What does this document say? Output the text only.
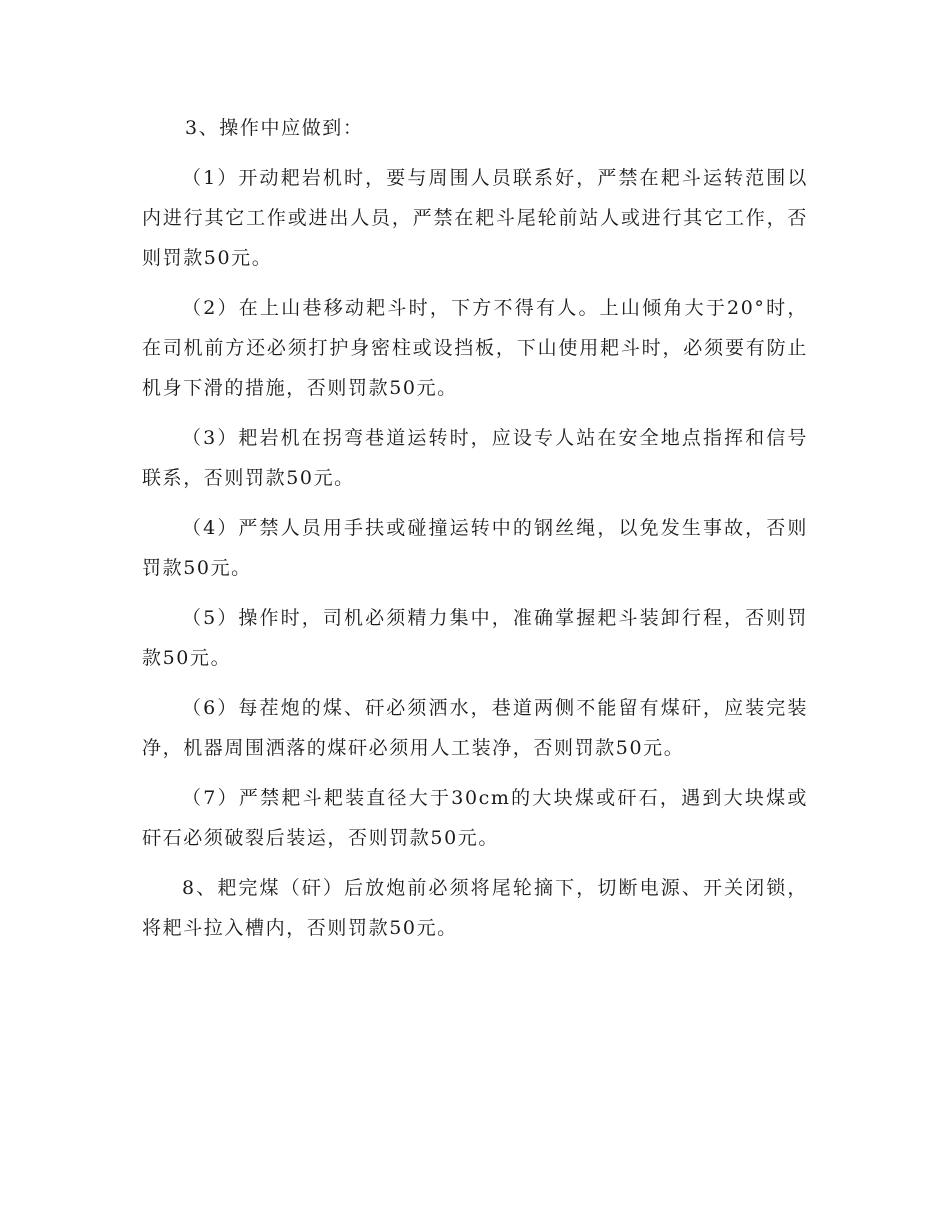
3、操作中应做到：

（1）开动耙岩机时，要与周围人员联系好，严禁在耙斗运转范围以内进行其它工作或进出人员，严禁在耙斗尾轮前站人或进行其它工作，否则罚款50元。

（2）在上山巷移动耙斗时，下方不得有人。上山倾角大于20°时，在司机前方还必须打护身密柱或设挡板，下山使用耙斗时，必须要有防止机身下滑的措施，否则罚款50元。

（3）耙岩机在拐弯巷道运转时，应设专人站在安全地点指挥和信号联系，否则罚款50元。

（4）严禁人员用手扶或碰撞运转中的钢丝绳，以免发生事故，否则罚款50元。

（5）操作时，司机必须精力集中，准确掌握耙斗装卸行程，否则罚款50元。

（6）每茬炮的煤、矸必须洒水，巷道两侧不能留有煤矸，应装完装净，机器周围洒落的煤矸必须用人工装净，否则罚款50元。

（7）严禁耙斗耙装直径大于30cm的大块煤或矸石，遇到大块煤或矸石必须破裂后装运，否则罚款50元。

8、耙完煤（矸）后放炮前必须将尾轮摘下，切断电源、开关闭锁，将耙斗拉入槽内，否则罚款50元。
